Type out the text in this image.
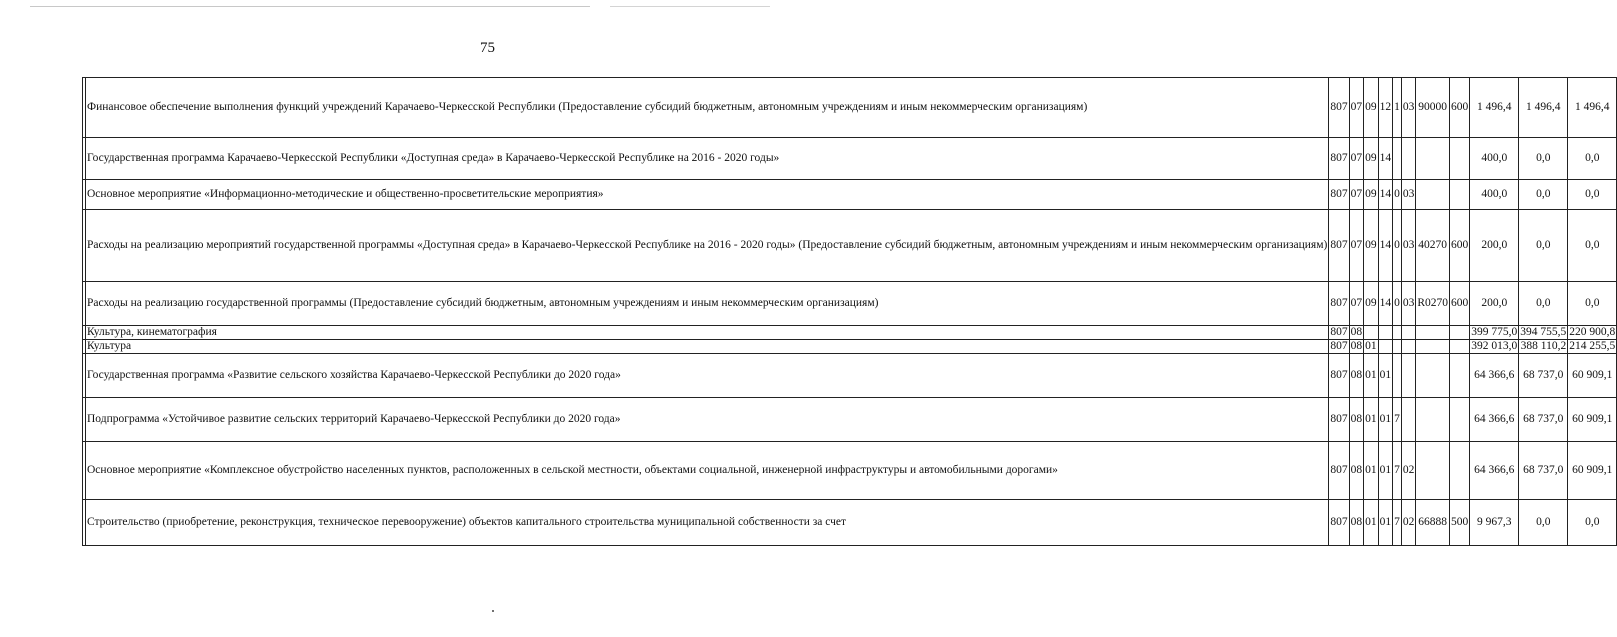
75
	Финансовое обеспечение выполнения функций учреждений Карачаево-Черкесской Республики (Предоставление субсидий бюджетным, автономным учреждениям и иным некоммерческим организациям)	807	07	09	12	1	03	90000	600	1 496,4	1 496,4	1 496,4
	Государственная программа Карачаево-Черкесской Республики «Доступная среда» в Карачаево-Черкесской Республике на 2016 - 2020 годы»	807	07	09	14					400,0	0,0	0,0
	Основное мероприятие «Информационно-методические и общественно-просветительские мероприятия»	807	07	09	14	0	03			400,0	0,0	0,0
	Расходы на реализацию мероприятий государственной программы «Доступная среда» в Карачаево-Черкесской Республике на 2016 - 2020 годы» (Предоставление субсидий бюджетным, автономным учреждениям и иным некоммерческим организациям)	807	07	09	14	0	03	40270	600	200,0	0,0	0,0
	Расходы на реализацию государственной программы (Предоставление субсидий бюджетным, автономным учреждениям и иным некоммерческим организациям)	807	07	09	14	0	03	R0270	600	200,0	0,0	0,0
	Культура, кинематография	807	08							399 775,0	394 755,5	220 900,8
	Культура	807	08	01						392 013,0	388 110,2	214 255,5
	Государственная программа «Развитие сельского хозяйства Карачаево-Черкесской Республики до 2020 года»	807	08	01	01					64 366,6	68 737,0	60 909,1
	Подпрограмма «Устойчивое развитие сельских территорий Карачаево-Черкесской Республики до 2020 года»	807	08	01	01	7				64 366,6	68 737,0	60 909,1
	Основное мероприятие «Комплексное обустройство населенных пунктов, расположенных в сельской местности, объектами социальной, инженерной инфраструктуры и автомобильными дорогами»	807	08	01	01	7	02			64 366,6	68 737,0	60 909,1
	Строительство (приобретение, реконструкция, техническое перевооружение) объектов капитального строительства муниципальной собственности за счет	807	08	01	01	7	02	66888	500	9 967,3	0,0	0,0
